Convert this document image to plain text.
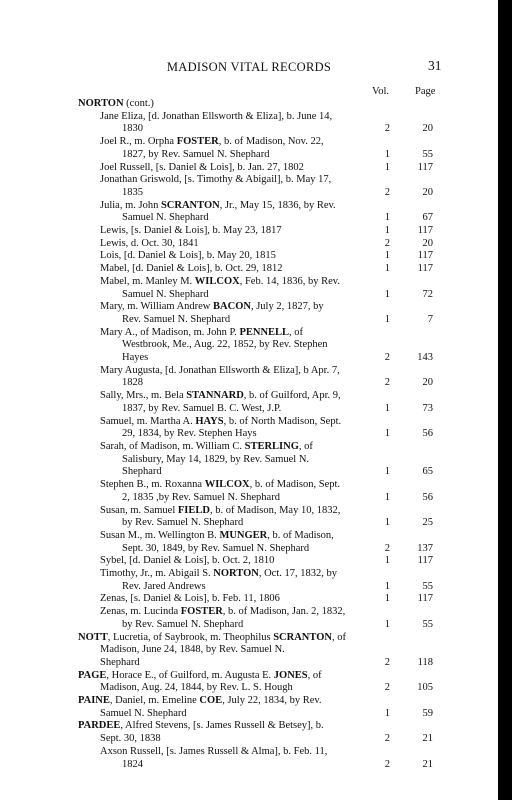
MADISON VITAL RECORDS	31
Vol. Page
NORTON (cont.)
Jane Eliza, [d. Jonathan Ellsworth & Eliza], b. June 14,
1830	2	20
Joel R., m. Orpha FOSTER, b. of Madison, Nov. 22,
1827, by Rev. Samuel N. Shephard	1	55
Joel Russell, [s. Daniel & Lois], b. Jan. 27, 1802	1	117
Jonathan Griswold, [s. Timothy & Abigail], b. May 17,
1835	2	20
Julia, m. John SCRANTON, Jr., May 15, 1836, by Rev.
Samuel N. Shephard	1	67
Lewis, [s. Daniel & Lois], b. May 23, 1817	1	117
Lewis, d. Oct. 30, 1841	2	20
Lois, [d. Daniel & Lois], b. May 20, 1815	1	117
Mabel, [d. Daniel & Lois], b. Oct. 29, 1812	1	117
Mabel, m. Manley M. WILCOX, Feb. 14, 1836, by Rev.
Samuel N. Shephard	1	72
Mary, m. William Andrew BACON, July 2, 1827, by
Rev. Samuel N. Shephard	1	7
Mary A., of Madison, m. John P. PENNELL, of
Westbrook, Me., Aug. 22, 1852, by Rev. Stephen
Hayes	2	143
Mary Augusta, [d. Jonathan Ellsworth & Eliza], b Apr. 7,
1828	2	20
Sally, Mrs., m. Bela STANNARD, b. of Guilford, Apr. 9,
1837, by Rev. Samuel B. C. West, J.P.	1	73
Samuel, m. Martha A. HAYS, b. of North Madison, Sept.
29, 1834, by Rev. Stephen Hays	1	56
Sarah, of Madison, m. William C. STERLING, of
Salisbury, May 14, 1829, by Rev. Samuel N.
Shephard	1	65
Stephen B., m. Roxanna WILCOX, b. of Madison, Sept.
2, 1835 ,by Rev. Samuel N. Shephard	1	56
Susan, m. Samuel FIELD, b. of Madison, May 10, 1832,
by Rev. Samuel N. Shephard	1	25
Susan M., m. Wellington B. MUNGER, b. of Madison,
Sept. 30, 1849, by Rev. Samuel N. Shephard	2	137
Sybel, [d. Daniel & Lois], b. Oct. 2, 1810	1	117
Timothy, Jr., m. Abigail S. NORTON, Oct. 17, 1832, by
Rev. Jared Andrews	1	55
Zenas, [s. Daniel & Lois], b. Feb. 11, 1806	1	117
Zenas, m. Lucinda FOSTER, b. of Madison, Jan. 2, 1832,
by Rev. Samuel N. Shephard	1	55
NOTT, Lucretia, of Saybrook, m. Theophilus SCRANTON, of
Madison, June 24, 1848, by Rev. Samuel N.
Shephard	2	118
PAGE, Horace E., of Guilford, m. Augusta E. JONES, of
Madison, Aug. 24, 1844, by Rev. L. S. Hough	2	105
PAINE, Daniel, m. Emeline COE, July 22, 1834, by Rev.
Samuel N. Shephard	1	59
PARDEE, Alfred Stevens, [s. James Russell & Betsey], b.
Sept. 30, 1838	2	21
Axson Russell, [s. James Russell & Alma], b. Feb. 11,
1824	2	21
